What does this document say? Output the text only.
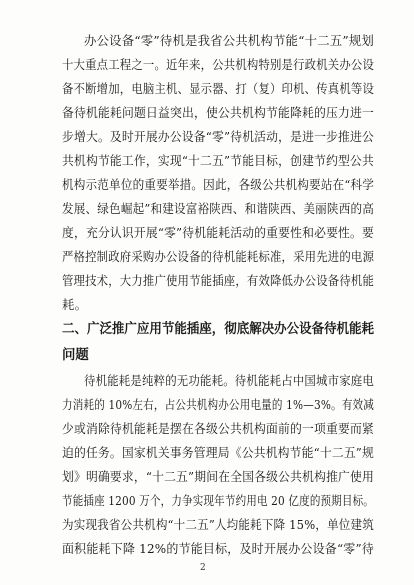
办公设备“零”待机是我省公共机构节能“十二五”规划
十大重点工程之一。近年来，公共机构特别是行政机关办公设
备不断增加，电脑主机、显示器、打（复）印机、传真机等设
备待机能耗问题日益突出，使公共机构节能降耗的压力进一
步增大。及时开展办公设备“零”待机活动，是进一步推进公
共机构节能工作，实现“十二五”节能目标，创建节约型公共
机构示范单位的重要举措。因此，各级公共机构要站在“科学
发展、绿色崛起”和建设富裕陕西、和谐陕西、美丽陕西的高
度，充分认识开展“零”待机能耗活动的重要性和必要性。要
严格控制政府采购办公设备的待机能耗标准，采用先进的电源
管理技术，大力推广使用节能插座，有效降低办公设备待机能
耗。
二、广泛推广应用节能插座，彻底解决办公设备待机能耗
问题
待机能耗是纯粹的无功能耗。待机能耗占中国城市家庭电
力消耗的 10%左右，占公共机构办公用电量的 1%—3%。有效减
少或消除待机能耗是摆在各级公共机构面前的一项重要而紧
迫的任务。国家机关事务管理局《公共机构节能“十二五”规
划》明确要求，“十二五”期间在全国各级公共机构推广使用
节能插座 1200 万个，力争实现年节约用电 20 亿度的预期目标。
为实现我省公共机构“十二五”人均能耗下降 15%，单位建筑
面积能耗下降 12%的节能目标，及时开展办公设备“零”待
2
